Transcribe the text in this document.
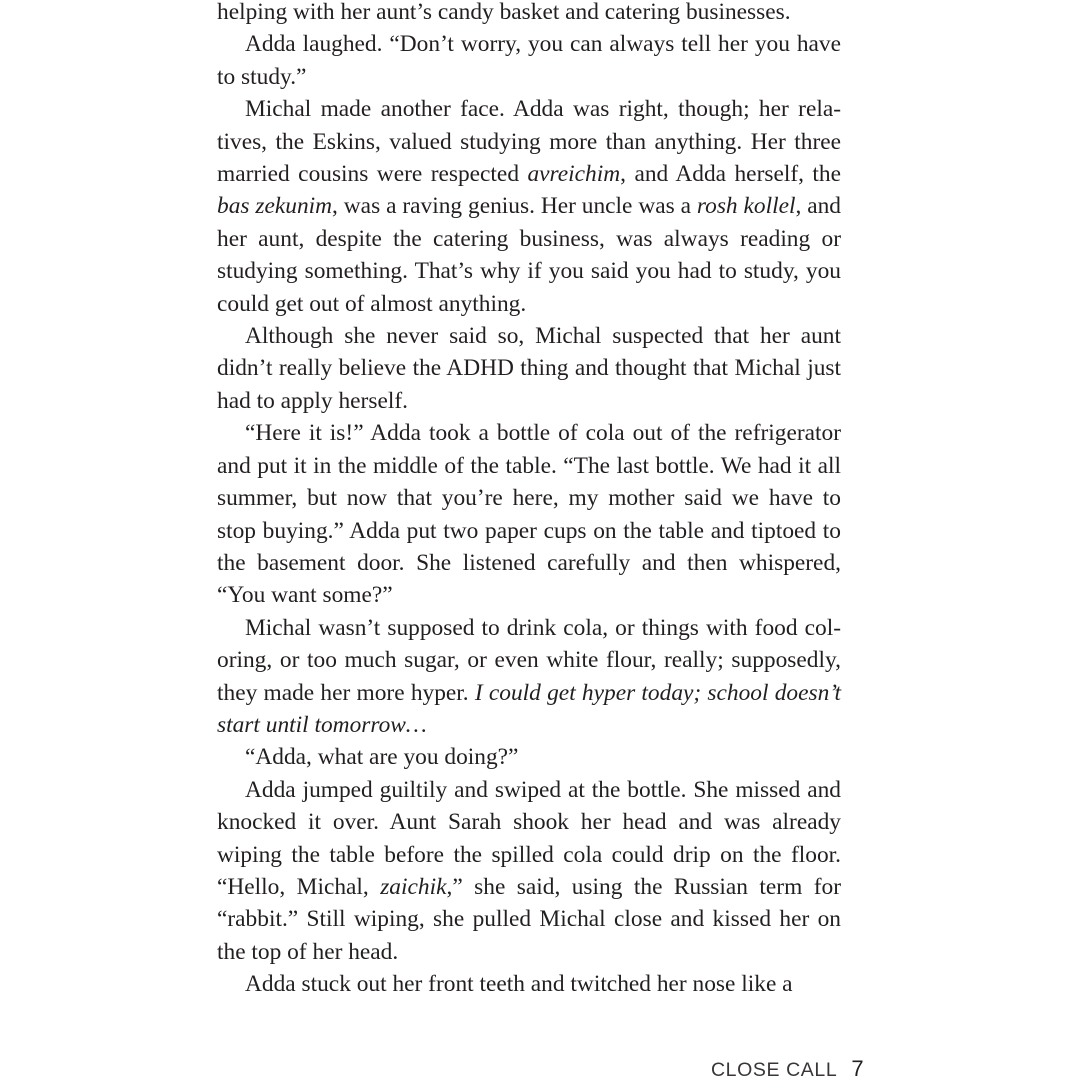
helping with her aunt’s candy basket and catering businesses.

Adda laughed. “Don’t worry, you can always tell her you have to study.”

Michal made another face. Adda was right, though; her relatives, the Eskins, valued studying more than anything. Her three married cousins were respected avreichim, and Adda herself, the bas zekunim, was a raving genius. Her uncle was a rosh kollel, and her aunt, despite the catering business, was always reading or studying something. That’s why if you said you had to study, you could get out of almost anything.

Although she never said so, Michal suspected that her aunt didn’t really believe the ADHD thing and thought that Michal just had to apply herself.

“Here it is!” Adda took a bottle of cola out of the refrigerator and put it in the middle of the table. “The last bottle. We had it all summer, but now that you’re here, my mother said we have to stop buying.” Adda put two paper cups on the table and tiptoed to the basement door. She listened carefully and then whispered, “You want some?”

Michal wasn’t supposed to drink cola, or things with food coloring, or too much sugar, or even white flour, really; supposedly, they made her more hyper. I could get hyper today; school doesn’t start until tomorrow…

“Adda, what are you doing?”

Adda jumped guiltily and swiped at the bottle. She missed and knocked it over. Aunt Sarah shook her head and was already wiping the table before the spilled cola could drip on the floor. “Hello, Michal, zaichik,” she said, using the Russian term for “rabbit.” Still wiping, she pulled Michal close and kissed her on the top of her head.

Adda stuck out her front teeth and twitched her nose like a

CLOSE CALL 7
